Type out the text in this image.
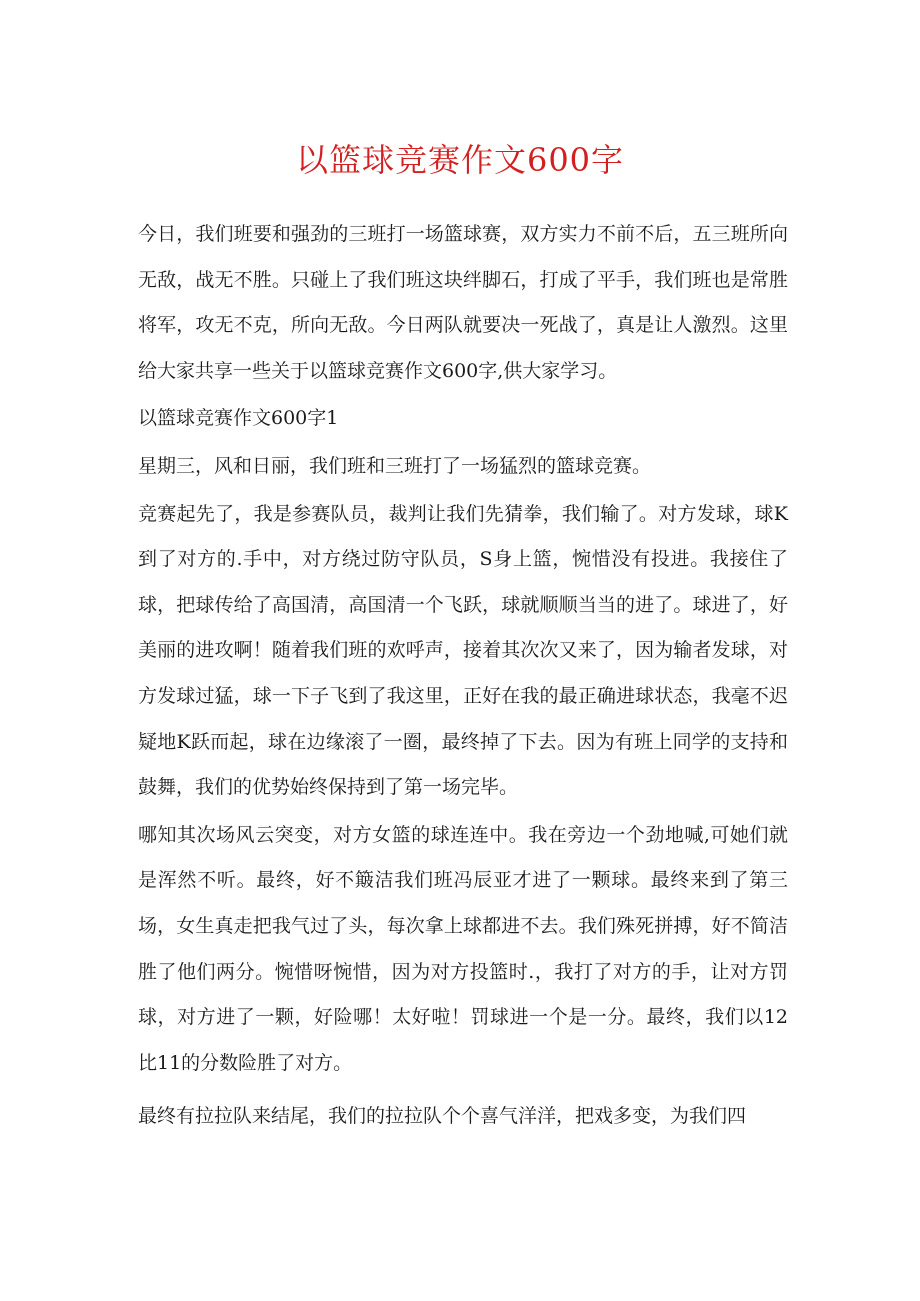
以篮球竞赛作文600字

今日，我们班要和强劲的三班打一场篮球赛，双方实力不前不后，五三班所向无敌，战无不胜。只碰上了我们班这块绊脚石，打成了平手，我们班也是常胜将军，攻无不克，所向无敌。今日两队就要决一死战了，真是让人激烈。这里给大家共享一些关于以篮球竞赛作文600字,供大家学习。

以篮球竞赛作文600字1

星期三，风和日丽，我们班和三班打了一场猛烈的篮球竞赛。

竞赛起先了，我是参赛队员，裁判让我们先猜拳，我们输了。对方发球，球K到了对方的.手中，对方绕过防守队员，S身上篮，惋惜没有投进。我接住了球，把球传给了高国清，高国清一个飞跃，球就顺顺当当的进了。球进了，好美丽的进攻啊！随着我们班的欢呼声，接着其次次又来了，因为输者发球，对方发球过猛，球一下子飞到了我这里，正好在我的最正确进球状态，我毫不迟疑地K跃而起，球在边缘滚了一圈，最终掉了下去。因为有班上同学的支持和鼓舞，我们的优势始终保持到了第一场完毕。

哪知其次场风云突变，对方女篮的球连连中。我在旁边一个劲地喊,可她们就是浑然不听。最终，好不簸洁我们班冯辰亚才进了一颗球。最终来到了第三场，女生真走把我气过了头，每次拿上球都进不去。我们殊死拼搏，好不简洁胜了他们两分。惋惜呀惋惜，因为对方投篮时.，我打了对方的手，让对方罚球，对方进了一颗，好险哪！太好啦！罚球进一个是一分。最终，我们以12比11的分数险胜了对方。

最终有拉拉队来结尾，我们的拉拉队个个喜气洋洋，把戏多变，为我们四
